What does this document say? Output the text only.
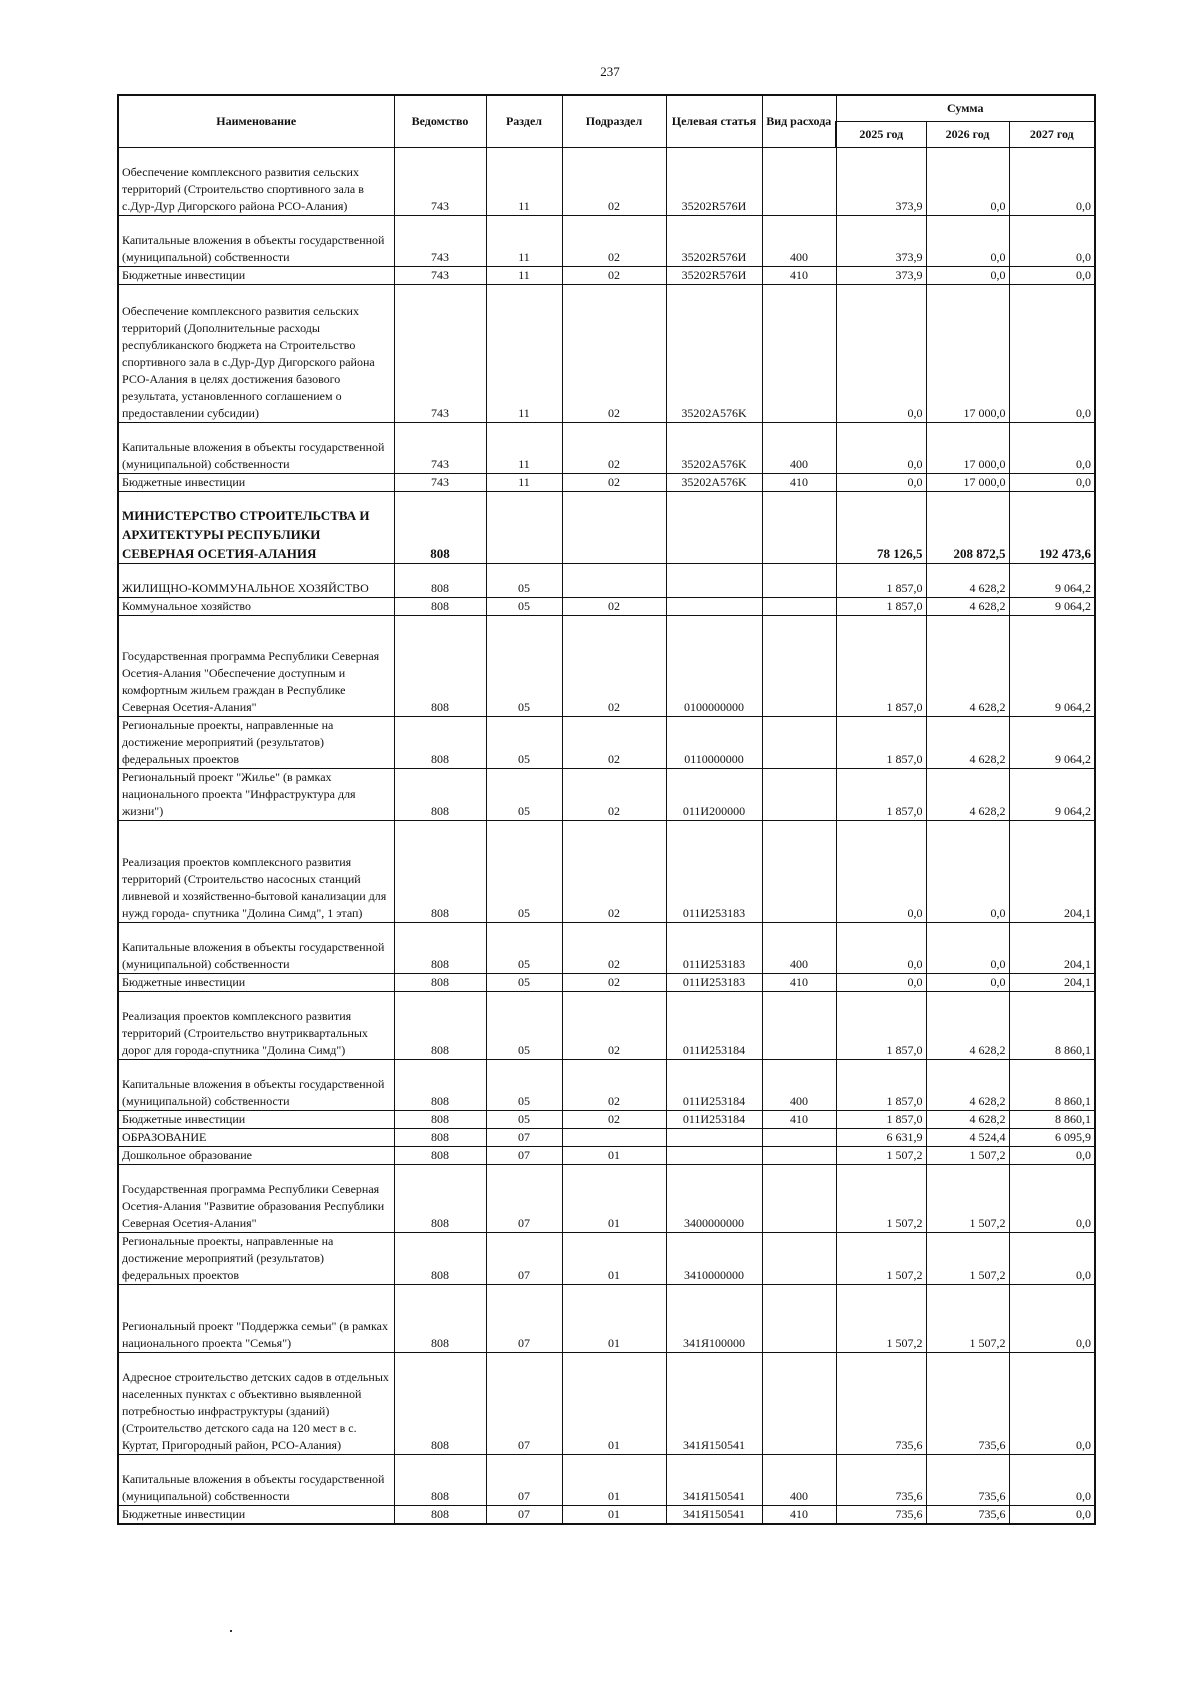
237
Наименование	Ведомство	Раздел	Подраздел	Целевая статья	Вид расхода	Сумма		
						2025 год	2026 год	2027 год
Обеспечение комплексного развития сельских территорий (Строительство спортивного зала в с.Дур-Дур Дигорского района РСО-Алания)	743	11	02	35202R576И		373,9	0,0	0,0
Капитальные вложения в объекты государственной (муниципальной) собственности	743	11	02	35202R576И	400	373,9	0,0	0,0
Бюджетные инвестиции	743	11	02	35202R576И	410	373,9	0,0	0,0
Обеспечение комплексного развития сельских территорий (Дополнительные расходы республиканского бюджета на Строительство спортивного зала в с.Дур-Дур Дигорского района РСО-Алания в целях достижения базового результата, установленного соглашением о предоставлении субсидии)	743	11	02	35202A576K		0,0	17 000,0	0,0
Капитальные вложения в объекты государственной (муниципальной) собственности	743	11	02	35202A576K	400	0,0	17 000,0	0,0
Бюджетные инвестиции	743	11	02	35202A576K	410	0,0	17 000,0	0,0
МИНИСТЕРСТВО СТРОИТЕЛЬСТВА И АРХИТЕКТУРЫ РЕСПУБЛИКИ СЕВЕРНАЯ ОСЕТИЯ-АЛАНИЯ	808					78 126,5	208 872,5	192 473,6
ЖИЛИЩНО-КОММУНАЛЬНОЕ ХОЗЯЙСТВО	808	05				1 857,0	4 628,2	9 064,2
Коммунальное хозяйство	808	05	02			1 857,0	4 628,2	9 064,2
Государственная программа Республики Северная Осетия-Алания "Обеспечение доступным и комфортным жильем граждан в Республике Северная Осетия-Алания"	808	05	02	0100000000		1 857,0	4 628,2	9 064,2
Региональные проекты, направленные на достижение мероприятий (результатов) федеральных проектов	808	05	02	0110000000		1 857,0	4 628,2	9 064,2
Региональный проект "Жилье" (в рамках национального проекта "Инфраструктура для жизни")	808	05	02	011И200000		1 857,0	4 628,2	9 064,2
Реализация проектов комплексного развития территорий (Строительство насосных станций ливневой и хозяйственно-бытовой канализации для нужд города- спутника "Долина Симд", 1 этап)	808	05	02	011И253183		0,0	0,0	204,1
Капитальные вложения в объекты государственной (муниципальной) собственности	808	05	02	011И253183	400	0,0	0,0	204,1
Бюджетные инвестиции	808	05	02	011И253183	410	0,0	0,0	204,1
Реализация проектов комплексного развития территорий (Строительство внутриквартальных дорог для города-спутника "Долина Симд")	808	05	02	011И253184		1 857,0	4 628,2	8 860,1
Капитальные вложения в объекты государственной (муниципальной) собственности	808	05	02	011И253184	400	1 857,0	4 628,2	8 860,1
Бюджетные инвестиции	808	05	02	011И253184	410	1 857,0	4 628,2	8 860,1
ОБРАЗОВАНИЕ	808	07				6 631,9	4 524,4	6 095,9
Дошкольное образование	808	07	01			1 507,2	1 507,2	0,0
Государственная программа Республики Северная Осетия-Алания "Развитие образования Республики Северная Осетия-Алания"	808	07	01	3400000000		1 507,2	1 507,2	0,0
Региональные проекты, направленные на достижение мероприятий (результатов) федеральных проектов	808	07	01	3410000000		1 507,2	1 507,2	0,0
Региональный проект "Поддержка семьи" (в рамках национального проекта "Семья")	808	07	01	341Я100000		1 507,2	1 507,2	0,0
Адресное строительство детских садов в отдельных населенных пунктах с объективно выявленной потребностью инфраструктуры (зданий)(Строительство детского сада на 120 мест в с. Куртат, Пригородный район, РСО-Алания)	808	07	01	341Я150541		735,6	735,6	0,0
Капитальные вложения в объекты государственной (муниципальной) собственности	808	07	01	341Я150541	400	735,6	735,6	0,0
Бюджетные инвестиции	808	07	01	341Я150541	410	735,6	735,6	0,0
